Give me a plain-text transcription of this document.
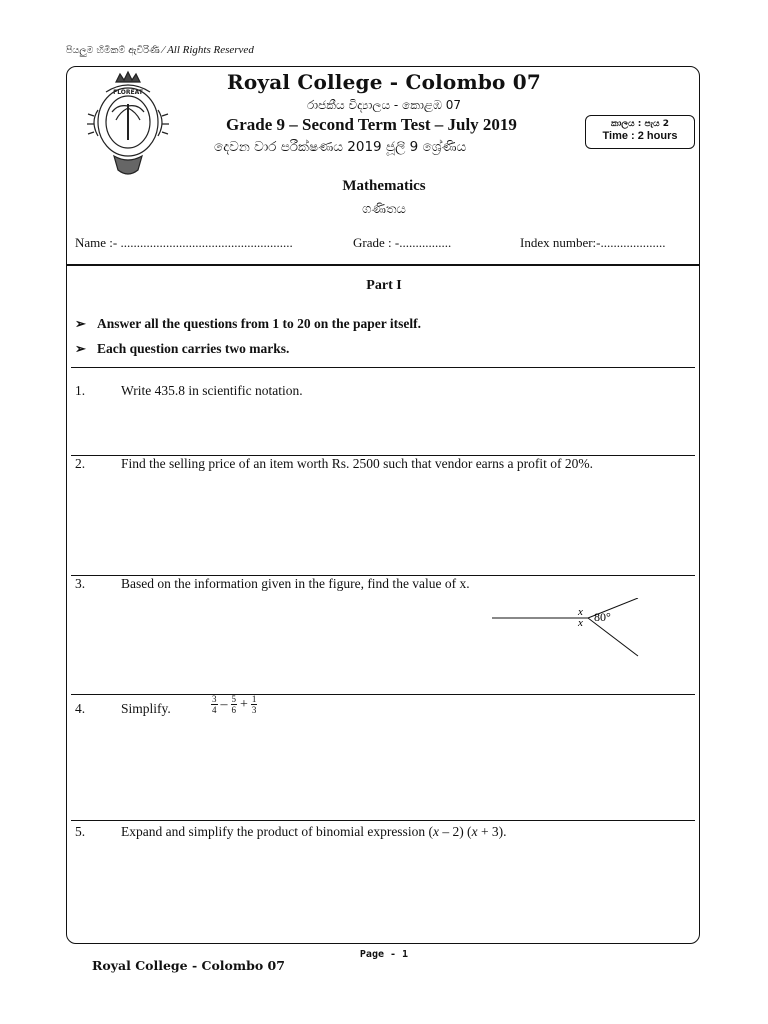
පියලුම හිමිකම් ඇවිරිණි ⁄ All Rights Reserved
FLOREAT	Royal College - Colombo 07
රාජකීය විද්‍යාලය - කොළඹ 07
Grade 9 – Second Term Test – July 2019
දෙවන වාර පරීක්ෂණය 2019 ජූලි 9 ශ්‍රේණිය
කාලය : පැය 2
Time : 2 hours
Mathematics
ගණිතය
Name :- .....................................................	Grade : -................	Index number:-....................
Part I
➢ Answer all the questions from 1 to 20 on the paper itself.
➢ Each question carries two marks.
1.	Write 435.8 in scientific notation.
2.	Find the selling price of an item worth Rs. 2500 such that vendor earns a profit of 20%.
3.	Based on the information given in the figure, find the value of x.
x
x 80°
4.	Simplify.	$\frac{3}{4} - \frac{5}{6} + \frac{1}{3}$
5.	Expand and simplify the product of binomial expression (x – 2) (x + 3).
Page - 1
Royal College - Colombo 07
